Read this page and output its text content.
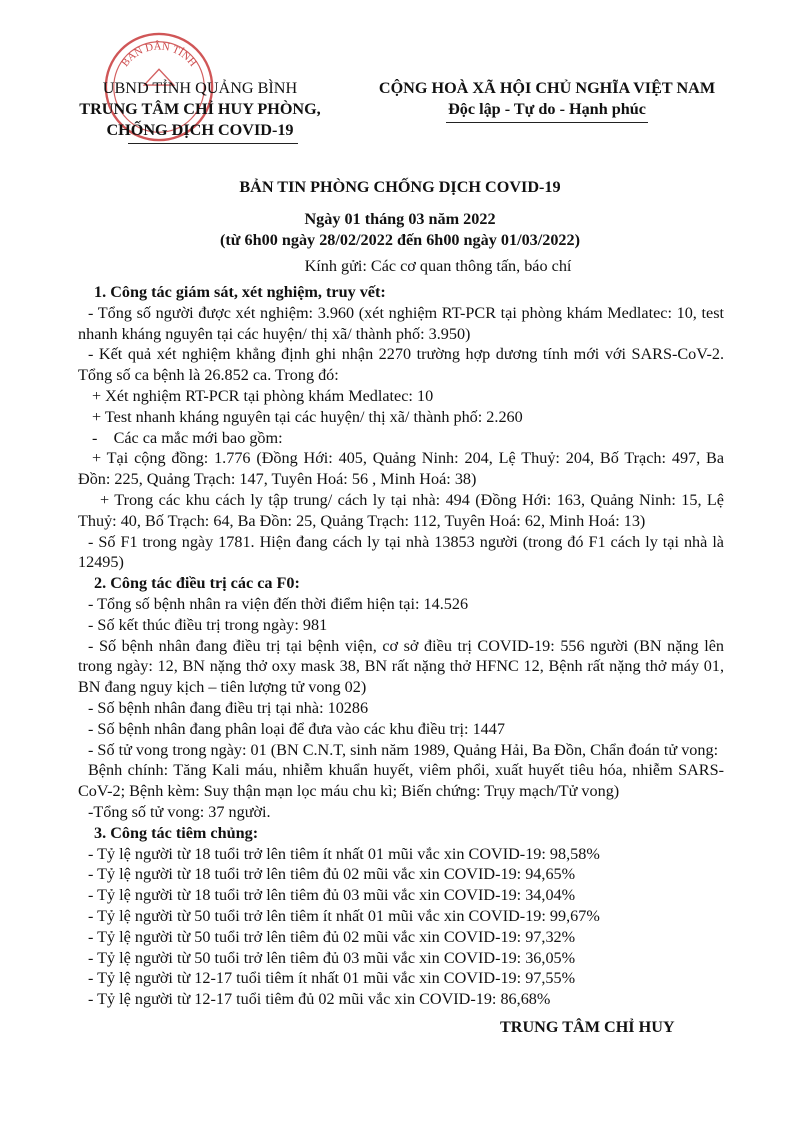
BAN DÂN TỈNH
UBND TỈNH QUẢNG BÌNH
TRUNG TÂM CHỈ HUY PHÒNG,
CHỐNG DỊCH COVID-19
CỘNG HOÀ XÃ HỘI CHỦ NGHĨA VIỆT NAM
Độc lập - Tự do - Hạnh phúc
BẢN TIN PHÒNG CHỐNG DỊCH COVID-19
Ngày 01 tháng 03 năm 2022
(từ 6h00 ngày 28/02/2022 đến 6h00 ngày 01/03/2022)
Kính gửi: Các cơ quan thông tấn, báo chí

1. Công tác giám sát, xét nghiệm, truy vết:

- Tổng số người được xét nghiệm: 3.960 (xét nghiệm RT-PCR tại phòng khám Medlatec: 10, test nhanh kháng nguyên tại các huyện/ thị xã/ thành phố: 3.950)

- Kết quả xét nghiệm khẳng định ghi nhận 2270 trường hợp dương tính mới với SARS-CoV-2. Tổng số ca bệnh là 26.852 ca. Trong đó:

+ Xét nghiệm RT-PCR tại phòng khám Medlatec: 10

+ Test nhanh kháng nguyên tại các huyện/ thị xã/ thành phố: 2.260

-    Các ca mắc mới bao gồm:

+ Tại cộng đồng: 1.776 (Đồng Hới: 405, Quảng Ninh: 204, Lệ Thuỷ: 204, Bố Trạch: 497, Ba Đồn: 225, Quảng Trạch: 147, Tuyên Hoá: 56 , Minh Hoá: 38)

+ Trong các khu cách ly tập trung/ cách ly tại nhà: 494 (Đồng Hới: 163, Quảng Ninh: 15, Lệ Thuỷ: 40, Bố Trạch: 64, Ba Đồn: 25, Quảng Trạch: 112, Tuyên Hoá: 62, Minh Hoá: 13)

- Số F1 trong ngày 1781. Hiện đang cách ly tại nhà 13853 người (trong đó F1 cách ly tại nhà là 12495)

2. Công tác điều trị các ca F0:

- Tổng số bệnh nhân ra viện đến thời điểm hiện tại: 14.526

- Số kết thúc điều trị trong ngày: 981

- Số bệnh nhân đang điều trị tại bệnh viện, cơ sở điều trị COVID-19: 556 người (BN nặng lên trong ngày: 12, BN nặng thở oxy mask 38, BN rất nặng thở HFNC 12, Bệnh rất nặng thở máy 01, BN đang nguy kịch – tiên lượng tử vong 02)

- Số bệnh nhân đang điều trị tại nhà: 10286

- Số bệnh nhân đang phân loại để đưa vào các khu điều trị: 1447

- Số tử vong trong ngày: 01 (BN C.N.T, sinh năm 1989, Quảng Hải, Ba Đồn, Chẩn đoán tử vong:

Bệnh chính: Tăng Kali máu, nhiễm khuẩn huyết, viêm phổi, xuất huyết tiêu hóa, nhiễm SARS-CoV-2; Bệnh kèm: Suy thận mạn lọc máu chu kì; Biến chứng: Trụy mạch/Tử vong)

-Tổng số tử vong: 37 người.

3. Công tác tiêm chủng:

- Tỷ lệ người từ 18 tuổi trở lên tiêm ít nhất 01 mũi vắc xin COVID-19: 98,58%

- Tỷ lệ người từ 18 tuổi trở lên tiêm đủ 02 mũi vắc xin COVID-19: 94,65%

- Tỷ lệ người từ 18 tuổi trở lên tiêm đủ 03 mũi vắc xin COVID-19: 34,04%

- Tỷ lệ người từ 50 tuổi trở lên tiêm ít nhất 01 mũi vắc xin COVID-19: 99,67%

- Tỷ lệ người từ 50 tuổi trở lên tiêm đủ 02 mũi vắc xin COVID-19: 97,32%

- Tỷ lệ người từ 50 tuổi trở lên tiêm đủ 03 mũi vắc xin COVID-19: 36,05%

- Tỷ lệ người từ 12-17 tuổi tiêm ít nhất 01 mũi vắc xin COVID-19: 97,55%

- Tỷ lệ người từ 12-17 tuổi tiêm đủ 02 mũi vắc xin COVID-19: 86,68%

TRUNG TÂM CHỈ HUY
